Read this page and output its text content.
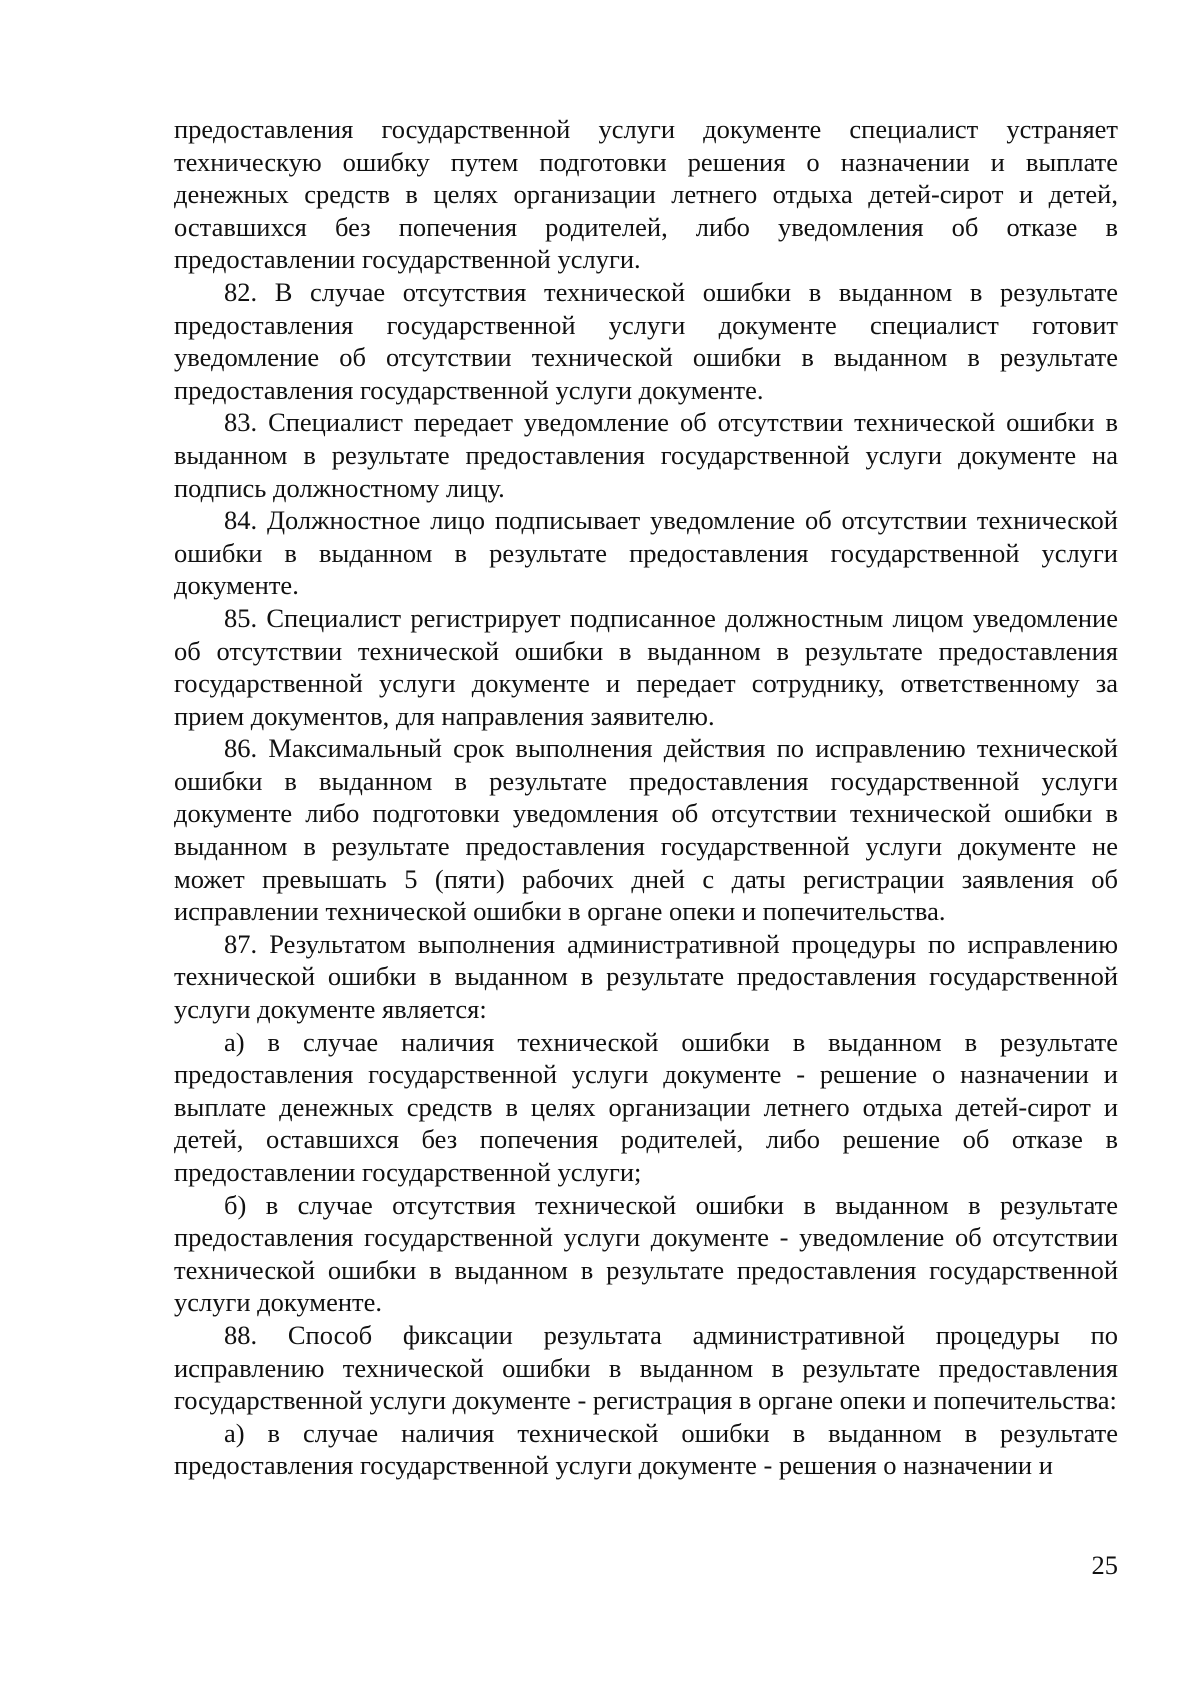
предоставления государственной услуги документе специалист устраняет техническую ошибку путем подготовки решения о назначении и выплате денежных средств в целях организации летнего отдыха детей-сирот и детей, оставшихся без попечения родителей, либо уведомления об отказе в предоставлении государственной услуги.

82. В случае отсутствия технической ошибки в выданном в результате предоставления государственной услуги документе специалист готовит уведомление об отсутствии технической ошибки в выданном в результате предоставления государственной услуги документе.

83. Специалист передает уведомление об отсутствии технической ошибки в выданном в результате предоставления государственной услуги документе на подпись должностному лицу.

84. Должностное лицо подписывает уведомление об отсутствии технической ошибки в выданном в результате предоставления государственной услуги документе.

85. Специалист регистрирует подписанное должностным лицом уведомление об отсутствии технической ошибки в выданном в результате предоставления государственной услуги документе и передает сотруднику, ответственному за прием документов, для направления заявителю.

86. Максимальный срок выполнения действия по исправлению технической ошибки в выданном в результате предоставления государственной услуги документе либо подготовки уведомления об отсутствии технической ошибки в выданном в результате предоставления государственной услуги документе не может превышать 5 (пяти) рабочих дней с даты регистрации заявления об исправлении технической ошибки в органе опеки и попечительства.

87. Результатом выполнения административной процедуры по исправлению технической ошибки в выданном в результате предоставления государственной услуги документе является:

а) в случае наличия технической ошибки в выданном в результате предоставления государственной услуги документе - решение о назначении и выплате денежных средств в целях организации летнего отдыха детей-сирот и детей, оставшихся без попечения родителей, либо решение об отказе в предоставлении государственной услуги;

б) в случае отсутствия технической ошибки в выданном в результате предоставления государственной услуги документе - уведомление об отсутствии технической ошибки в выданном в результате предоставления государственной услуги документе.

88. Способ фиксации результата административной процедуры по исправлению технической ошибки в выданном в результате предоставления государственной услуги документе - регистрация в органе опеки и попечительства:

а) в случае наличия технической ошибки в выданном в результате предоставления государственной услуги документе - решения о назначении и

25
